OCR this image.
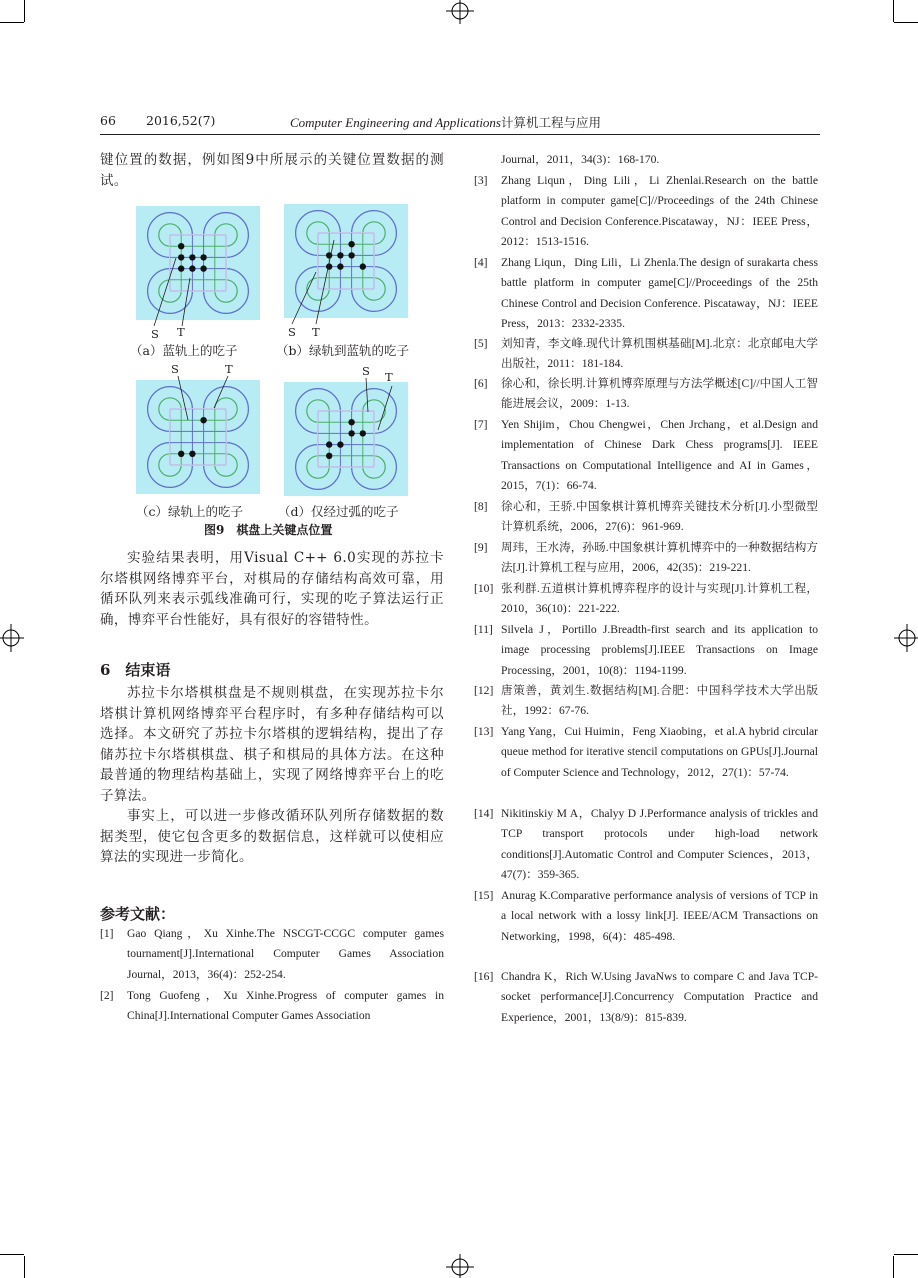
66 2016,52(7)	Computer Engineering and Applications计算机工程与应用

键位置的数据，例如图9中所展示的关键位置数据的测试。

S T	S T
S	T	S T
（a）蓝轨上的吃子	（b）绿轨到蓝轨的吃子
（c）绿轨上的吃子	（d）仅经过弧的吃子
图9　棋盘上关键点位置

实验结果表明，用Visual C++ 6.0实现的苏拉卡尔塔棋网络博弈平台，对棋局的存储结构高效可靠，用循环队列来表示弧线准确可行，实现的吃子算法运行正确，博弈平台性能好，具有很好的容错特性。

6　结束语

苏拉卡尔塔棋棋盘是不规则棋盘，在实现苏拉卡尔塔棋计算机网络博弈平台程序时，有多种存储结构可以选择。本文研究了苏拉卡尔塔棋的逻辑结构，提出了存储苏拉卡尔塔棋棋盘、棋子和棋局的具体方法。在这种最普通的物理结构基础上，实现了网络博弈平台上的吃子算法。

事实上，可以进一步修改循环队列所存储数据的数据类型，使它包含更多的数据信息，这样就可以使相应算法的实现进一步简化。

参考文献：
[1] Gao Qiang，Xu Xinhe.The NSCGT-CCGC computer games tournament[J].International Computer Games Association Journal，2013，36(4)：252-254.
[2] Tong Guofeng，Xu Xinhe.Progress of computer games in China[J].International Computer Games Association
Journal，2011，34(3)：168-170.
[3] Zhang Liqun，Ding Lili，Li Zhenlai.Research on the battle platform in computer game[C]//Proceedings of the 24th Chinese Control and Decision Conference.Piscataway，NJ：IEEE Press，2012：1513-1516.
[4] Zhang Liqun，Ding Lili，Li Zhenla.The design of surakarta chess battle platform in computer game[C]//Proceedings of the 25th Chinese Control and Decision Conference. Piscataway，NJ：IEEE Press，2013：2332-2335.
[5] 刘知青，李文峰.现代计算机围棋基础[M].北京：北京邮电大学出版社，2011：181-184.
[6] 徐心和，徐长明.计算机博弈原理与方法学概述[C]//中国人工智能进展会议，2009：1-13.
[7] Yen Shijim，Chou Chengwei，Chen Jrchang，et al.Design and implementation of Chinese Dark Chess programs[J]. IEEE Transactions on Computational Intelligence and AI in Games，2015，7(1)：66-74.
[8] 徐心和，王骄.中国象棋计算机博弈关键技术分析[J].小型微型计算机系统，2006，27(6)：961-969.
[9] 周玮，王水涛，孙旸.中国象棋计算机博弈中的一种数据结构方法[J].计算机工程与应用，2006，42(35)：219-221.
[10] 张利群.五道棋计算机博弈程序的设计与实现[J].计算机工程，2010，36(10)：221-222.
[11] Silvela J，Portillo J.Breadth-first search and its application to image processing problems[J].IEEE Transactions on Image Processing，2001，10(8)：1194-1199.
[12] 唐策善，黄刘生.数据结构[M].合肥：中国科学技术大学出版社，1992：67-76.
[13] Yang Yang，Cui Huimin，Feng Xiaobing，et al.A hybrid circular queue method for iterative stencil computations on GPUs[J].Journal of Computer Science and Technology，2012，27(1)：57-74.
[14] Nikitinskiy M A，Chalyy D J.Performance analysis of trickles and TCP transport protocols under high-load network conditions[J].Automatic Control and Computer Sciences，2013，47(7)：359-365.
[15] Anurag K.Comparative performance analysis of versions of TCP in a local network with a lossy link[J]. IEEE/ACM Transactions on Networking，1998，6(4)：485-498.
[16] Chandra K，Rich W.Using JavaNws to compare C and Java TCP-socket performance[J].Concurrency Computation Practice and Experience，2001，13(8/9)：815-839.
